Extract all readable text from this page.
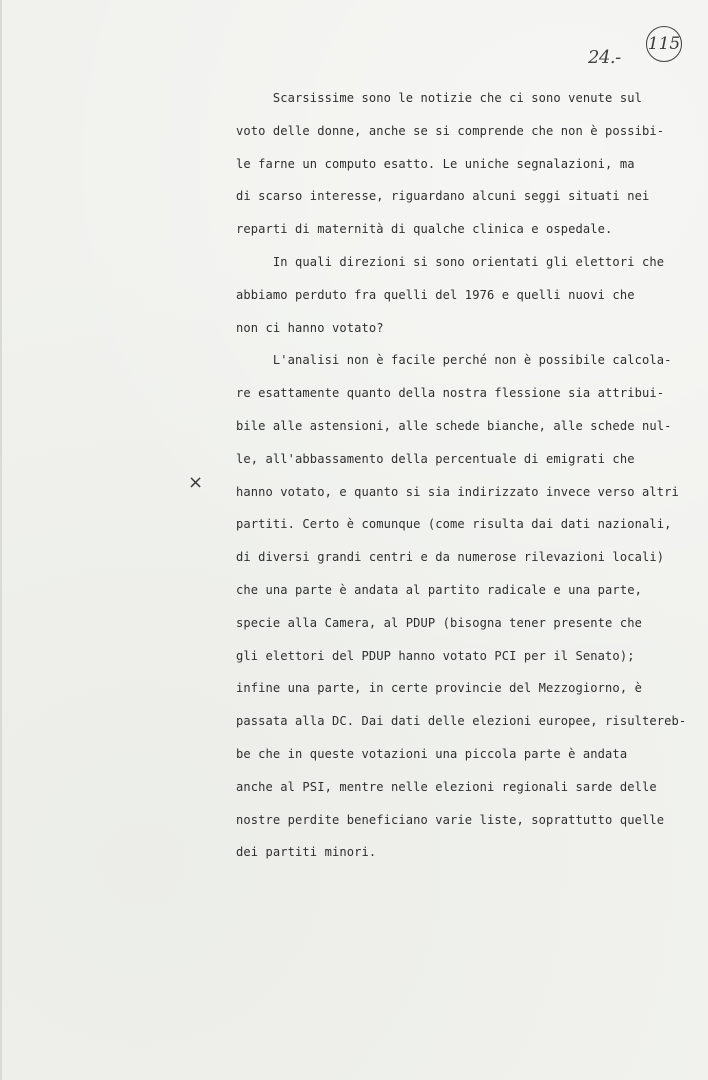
24.-
115
×
Scarsissime sono le notizie che ci sono venute sul
voto delle donne, anche se si comprende che non è possibi-
le farne un computo esatto. Le uniche segnalazioni, ma
di scarso interesse, riguardano alcuni seggi situati nei
reparti di maternità di qualche clinica e ospedale.
In quali direzioni si sono orientati gli elettori che
abbiamo perduto fra quelli del 1976 e quelli nuovi che
non ci hanno votato?
L'analisi non è facile perché non è possibile calcola-
re esattamente quanto della nostra flessione sia attribui-
bile alle astensioni, alle schede bianche, alle schede nul-
le, all'abbassamento della percentuale di emigrati che
hanno votato, e quanto si sia indirizzato invece verso altri
partiti. Certo è comunque (come risulta dai dati nazionali,
di diversi grandi centri e da numerose rilevazioni locali)
che una parte è andata al partito radicale e una parte,
specie alla Camera, al PDUP (bisogna tener presente che
gli elettori del PDUP hanno votato PCI per il Senato);
infine una parte, in certe provincie del Mezzogiorno, è
passata alla DC. Dai dati delle elezioni europee, risultereb-
be che in queste votazioni una piccola parte è andata
anche al PSI, mentre nelle elezioni regionali sarde delle
nostre perdite beneficiano varie liste, soprattutto quelle
dei partiti minori.
